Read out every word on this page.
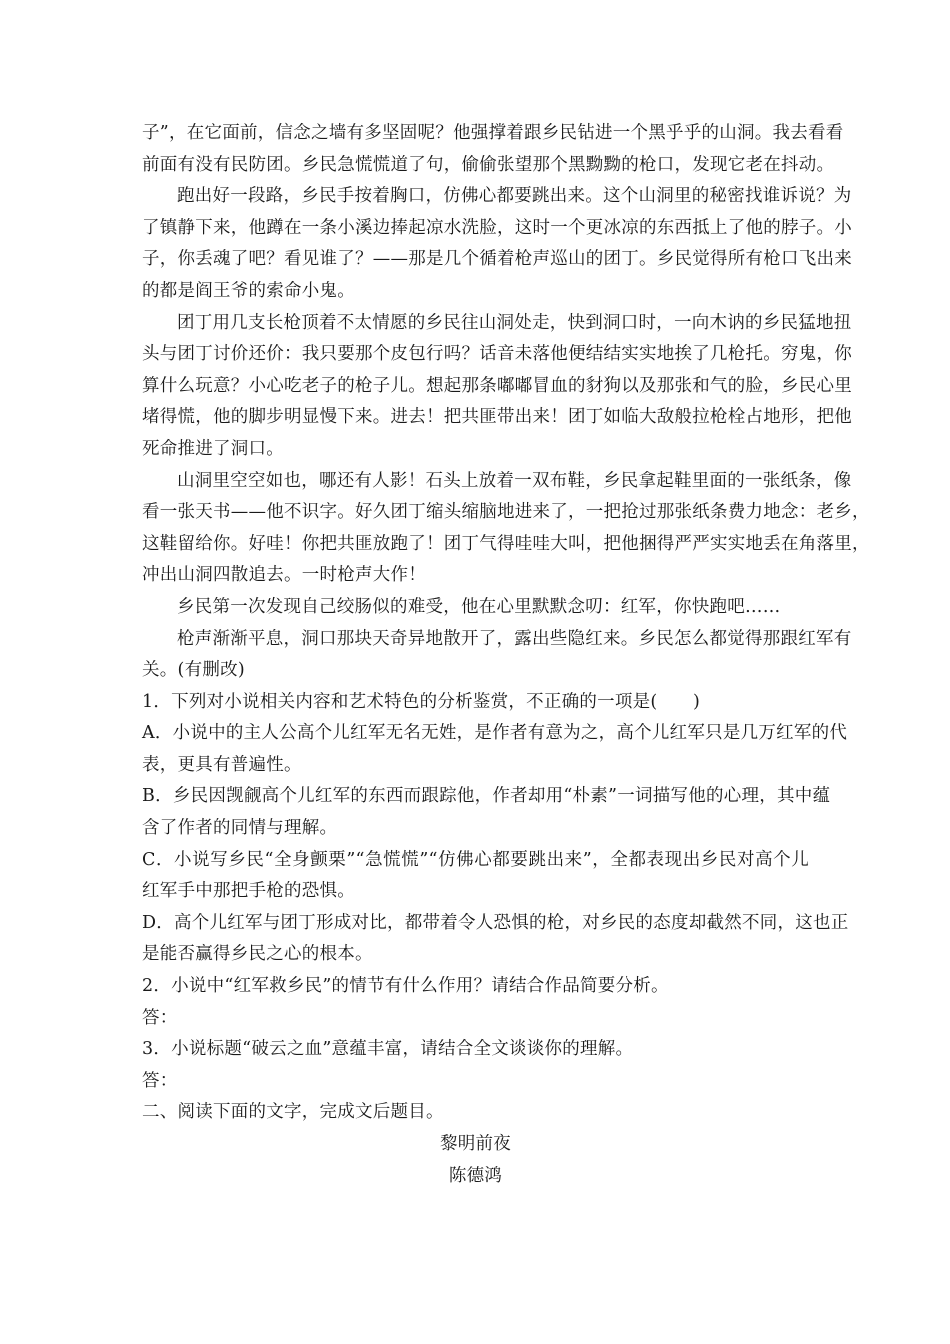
子”，在它面前，信念之墙有多坚固呢？他强撑着跟乡民钻进一个黑乎乎的山洞。我去看看
前面有没有民防团。乡民急慌慌道了句，偷偷张望那个黑黝黝的枪口，发现它老在抖动。
跑出好一段路，乡民手按着胸口，仿佛心都要跳出来。这个山洞里的秘密找谁诉说？为
了镇静下来，他蹲在一条小溪边捧起凉水洗脸，这时一个更冰凉的东西抵上了他的脖子。小
子，你丢魂了吧？看见谁了？——那是几个循着枪声巡山的团丁。乡民觉得所有枪口飞出来
的都是阎王爷的索命小鬼。
团丁用几支长枪顶着不太情愿的乡民往山洞处走，快到洞口时，一向木讷的乡民猛地扭
头与团丁讨价还价：我只要那个皮包行吗？话音未落他便结结实实地挨了几枪托。穷鬼，你
算什么玩意？小心吃老子的枪子儿。想起那条嘟嘟冒血的豺狗以及那张和气的脸，乡民心里
堵得慌，他的脚步明显慢下来。进去！把共匪带出来！团丁如临大敌般拉枪栓占地形，把他
死命推进了洞口。
山洞里空空如也，哪还有人影！石头上放着一双布鞋，乡民拿起鞋里面的一张纸条，像
看一张天书——他不识字。好久团丁缩头缩脑地进来了，一把抢过那张纸条费力地念：老乡，
这鞋留给你。好哇！你把共匪放跑了！团丁气得哇哇大叫，把他捆得严严实实地丢在角落里，
冲出山洞四散追去。一时枪声大作！
乡民第一次发现自己绞肠似的难受，他在心里默默念叨：红军，你快跑吧……
枪声渐渐平息，洞口那块天奇异地散开了，露出些隐红来。乡民怎么都觉得那跟红军有
关。(有删改)
1．下列对小说相关内容和艺术特色的分析鉴赏，不正确的一项是(　　)
A．小说中的主人公高个儿红军无名无姓，是作者有意为之，高个儿红军只是几万红军的代
表，更具有普遍性。
B．乡民因觊觎高个儿红军的东西而跟踪他，作者却用“朴素”一词描写他的心理，其中蕴
含了作者的同情与理解。
C．小说写乡民“全身颤栗”“急慌慌”“仿佛心都要跳出来”，全都表现出乡民对高个儿
红军手中那把手枪的恐惧。
D．高个儿红军与团丁形成对比，都带着令人恐惧的枪，对乡民的态度却截然不同，这也正
是能否赢得乡民之心的根本。
2．小说中“红军救乡民”的情节有什么作用？请结合作品简要分析。
答：
3．小说标题“破云之血”意蕴丰富，请结合全文谈谈你的理解。
答：
二、阅读下面的文字，完成文后题目。
黎明前夜
陈德鸿
